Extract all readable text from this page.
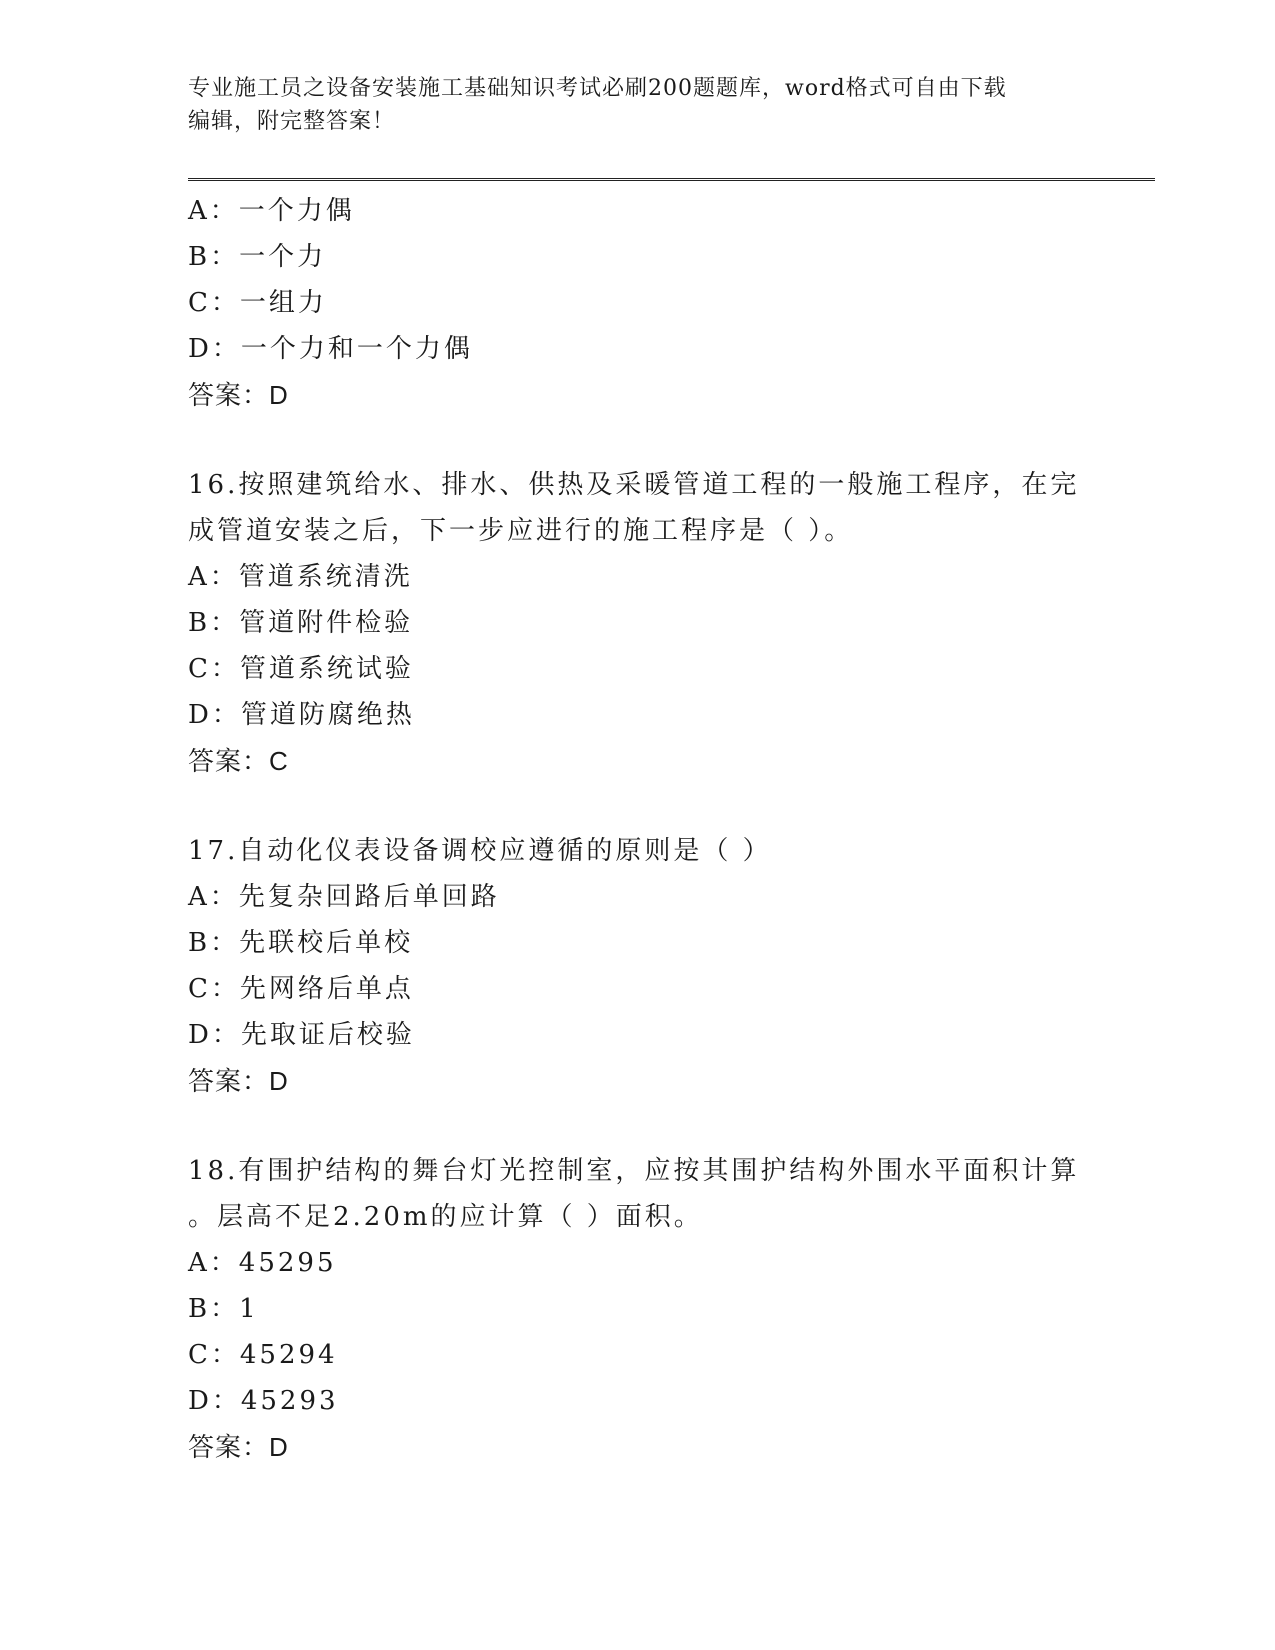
专业施工员之设备安装施工基础知识考试必刷200题题库，word格式可自由下载
编辑，附完整答案！
A：一个力偶
B：一个力
C：一组力
D：一个力和一个力偶
答案：D
16.按照建筑给水、排水、供热及采暖管道工程的一般施工程序，在完
成管道安装之后，下一步应进行的施工程序是（ ）。
A：管道系统清洗
B：管道附件检验
C：管道系统试验
D：管道防腐绝热
答案：C
17.自动化仪表设备调校应遵循的原则是（ ）
A：先复杂回路后单回路
B：先联校后单校
C：先网络后单点
D：先取证后校验
答案：D
18.有围护结构的舞台灯光控制室，应按其围护结构外围水平面积计算
。层高不足2.20m的应计算（ ）面积。
A：45295
B：1
C：45294
D：45293
答案：D
